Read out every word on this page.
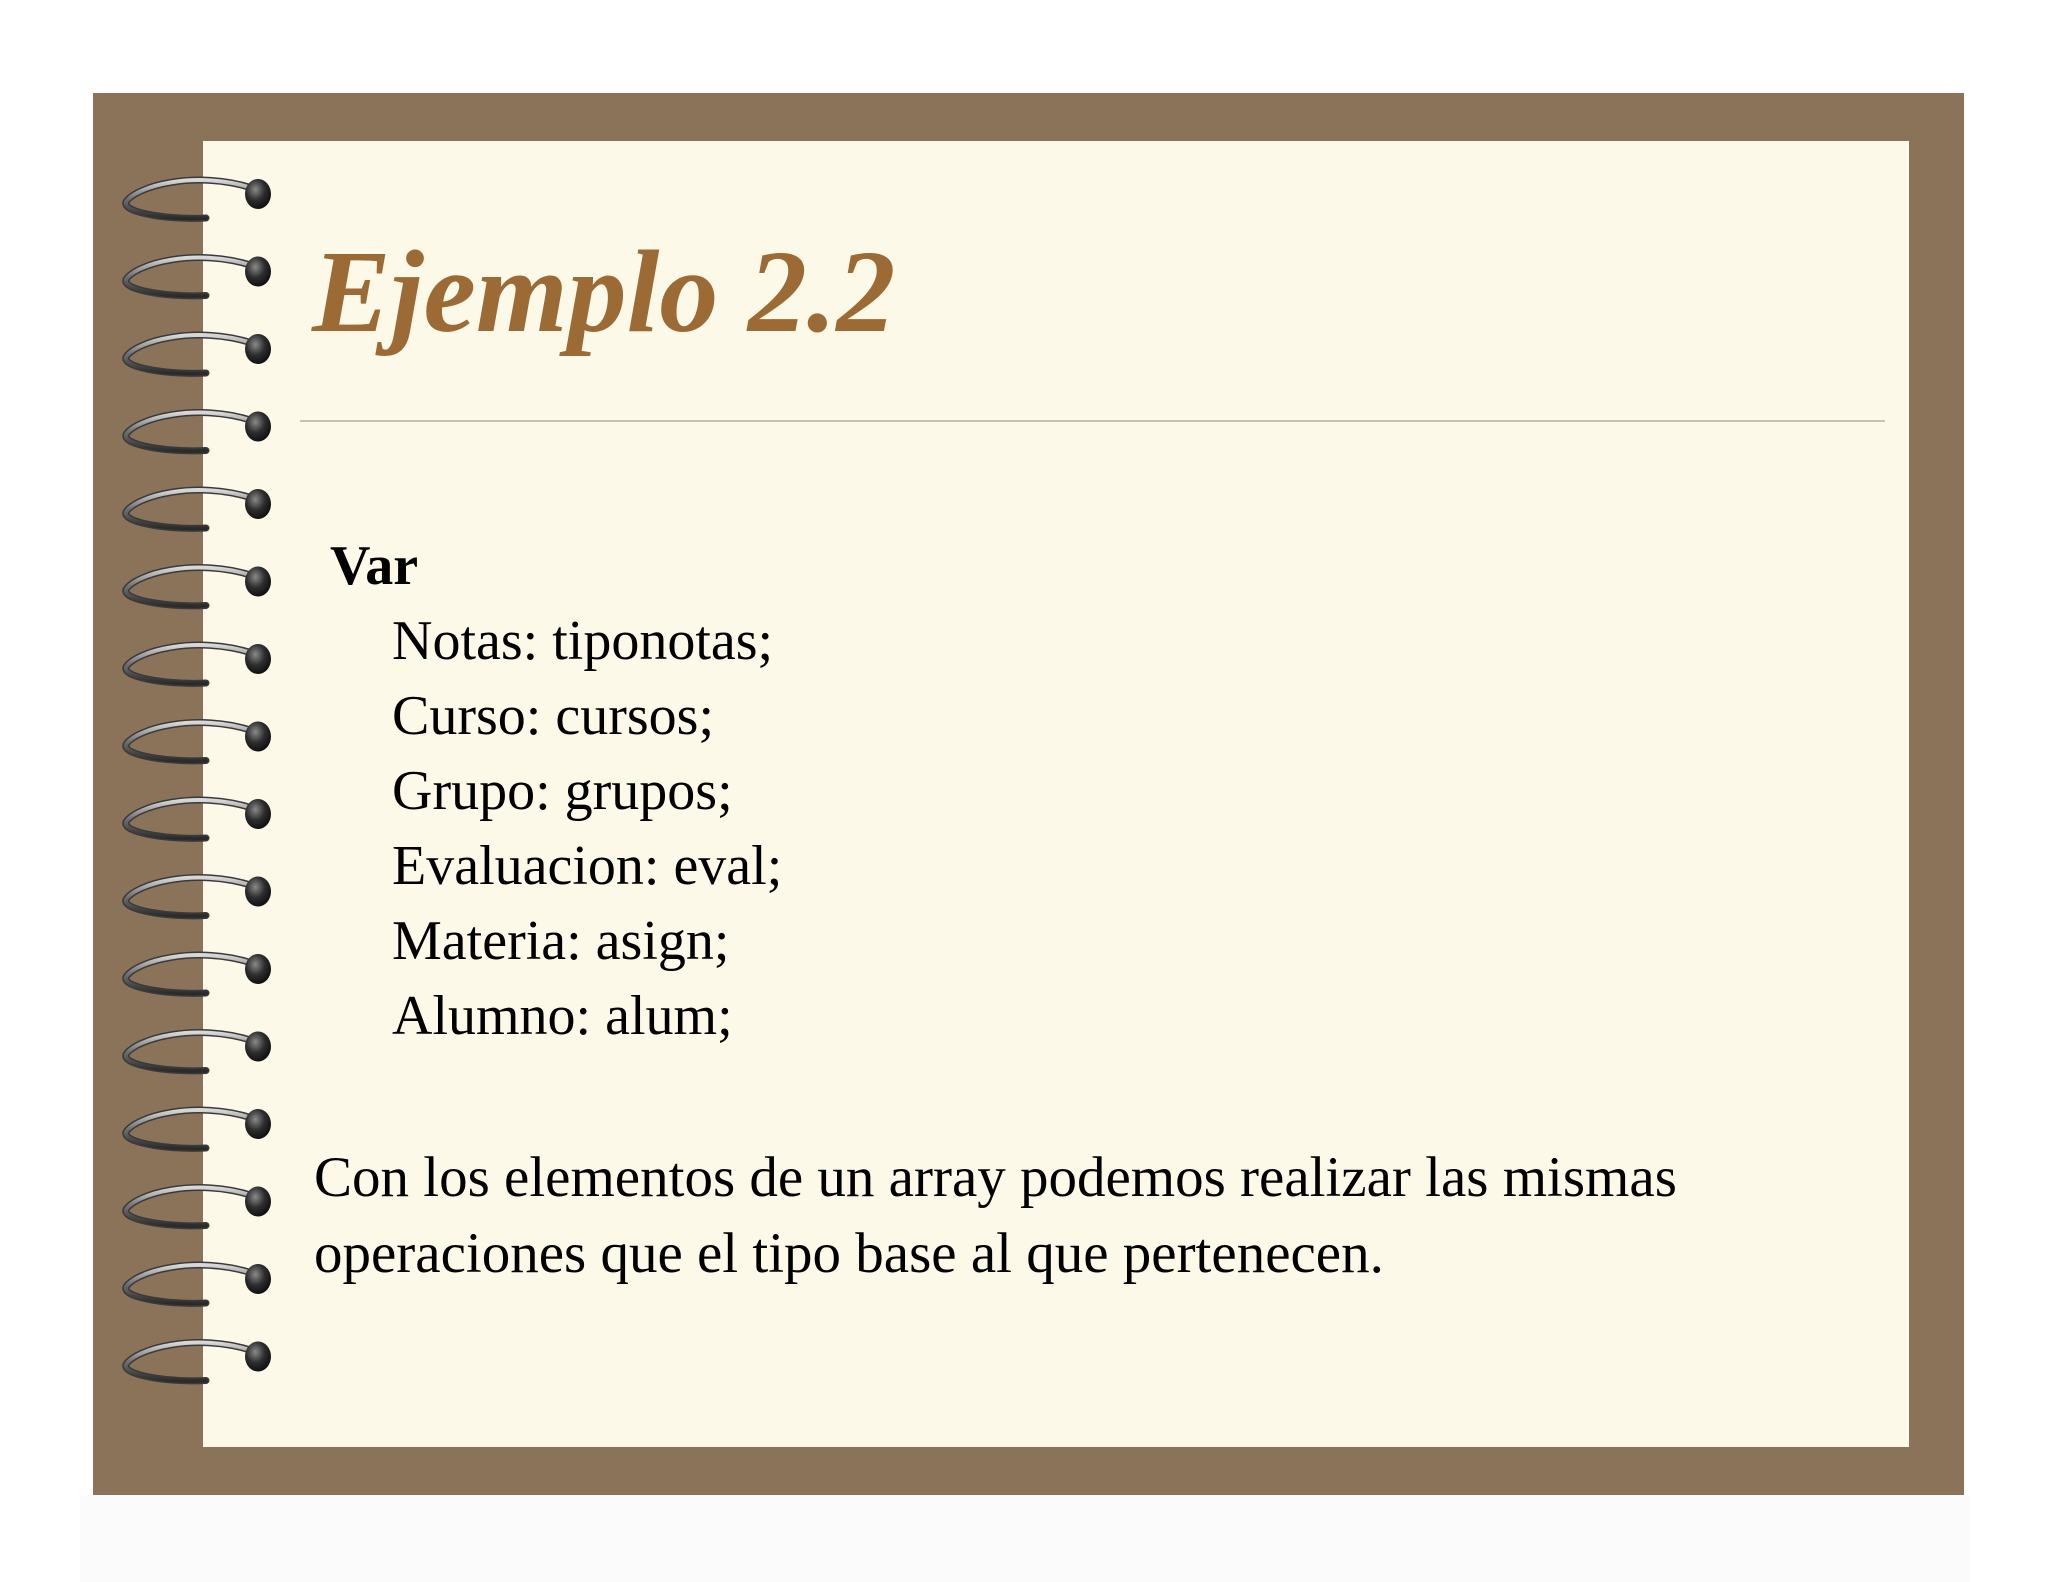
Ejemplo 2.2

Var

Notas: tiponotas;
Curso: cursos;
Grupo: grupos;
Evaluacion: eval;
Materia: asign;
Alumno: alum;

Con los elementos de un array podemos realizar las mismas operaciones que el tipo base al que pertenecen.
